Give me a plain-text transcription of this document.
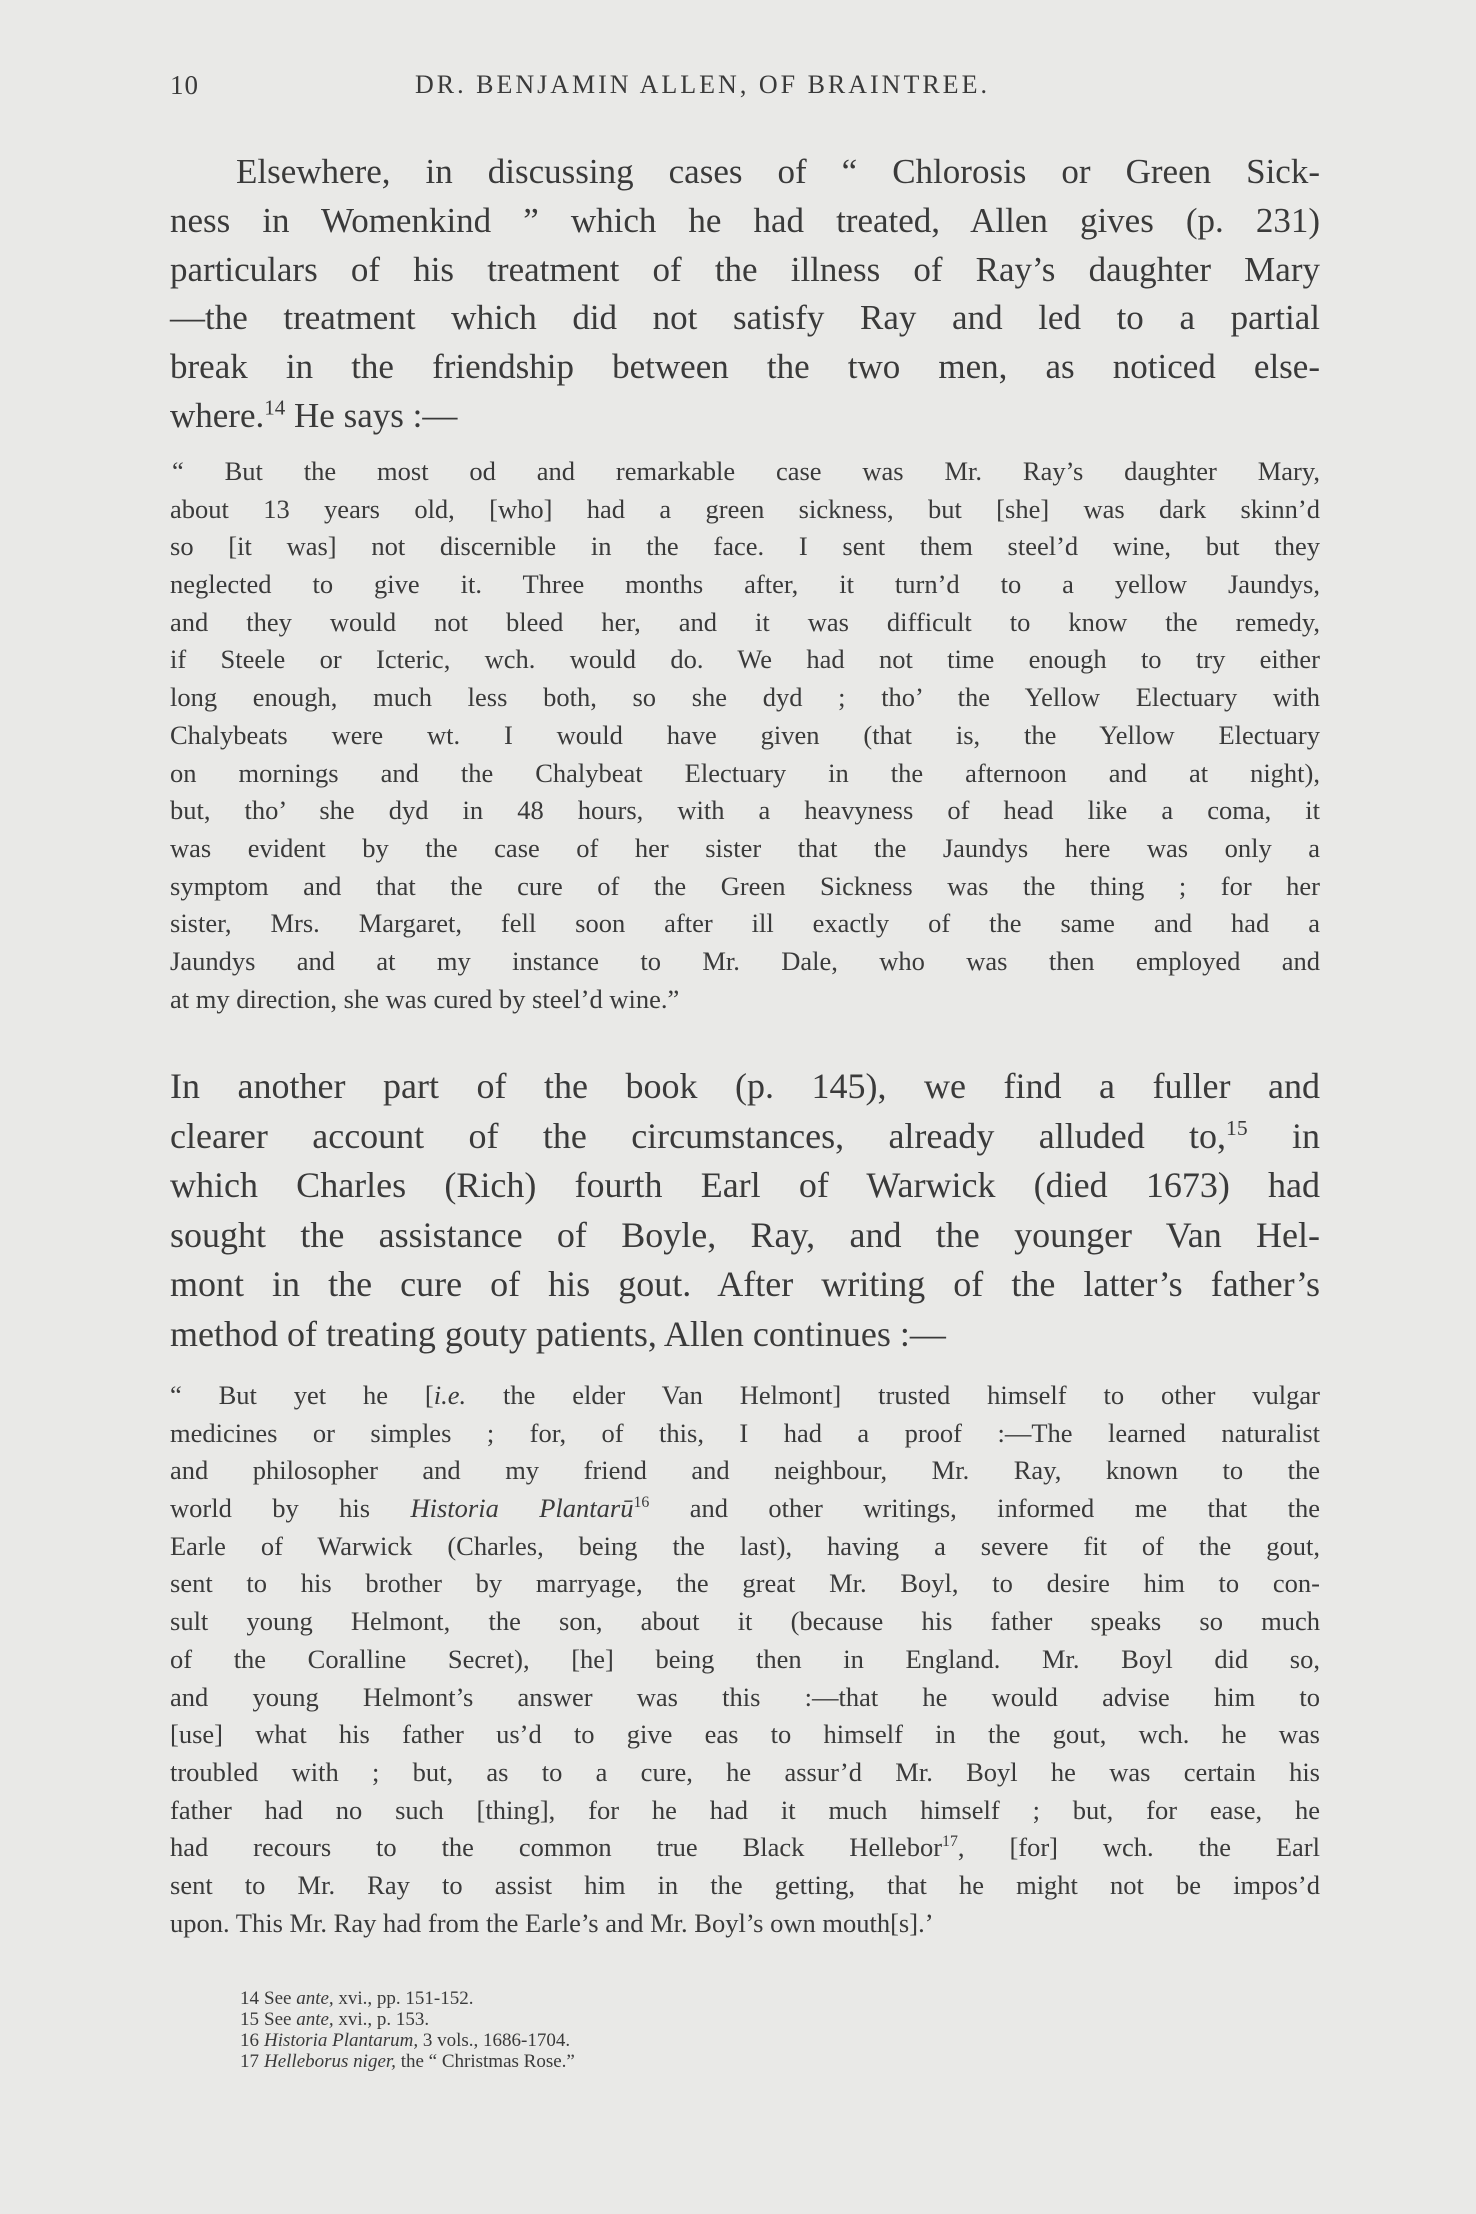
10	DR. BENJAMIN ALLEN, OF BRAINTREE.
Elsewhere, in discussing cases of “ Chlorosis or Green Sick-
ness in Womenkind ” which he had treated, Allen gives (p. 231)
particulars of his treatment of the illness of Ray’s daughter Mary
—the treatment which did not satisfy Ray and led to a partial
break in the friendship between the two men, as noticed else-
where.$^{14}$ He says :—
“ But the most od and remarkable case was Mr. Ray’s daughter Mary,
about 13 years old, [who] had a green sickness, but [she] was dark skinn’d
so [it was] not discernible in the face. I sent them steel’d wine, but they
neglected to give it. Three months after, it turn’d to a yellow Jaundys,
and they would not bleed her, and it was difficult to know the remedy,
if Steele or Icteric, wch. would do. We had not time enough to try either
long enough, much less both, so she dyd ; tho’ the Yellow Electuary with
Chalybeats were wt. I would have given (that is, the Yellow Electuary
on mornings and the Chalybeat Electuary in the afternoon and at night),
but, tho’ she dyd in 48 hours, with a heavyness of head like a coma, it
was evident by the case of her sister that the Jaundys here was only a
symptom and that the cure of the Green Sickness was the thing ; for her
sister, Mrs. Margaret, fell soon after ill exactly of the same and had a
Jaundys and at my instance to Mr. Dale, who was then employed and
at my direction, she was cured by steel’d wine.”
In another part of the book (p. 145), we find a fuller and
clearer account of the circumstances, already alluded to,$^{15}$ in
which Charles (Rich) fourth Earl of Warwick (died 1673) had
sought the assistance of Boyle, Ray, and the younger Van Hel-
mont in the cure of his gout. After writing of the latter’s father’s
method of treating gouty patients, Allen continues :—
“ But yet he [i.e. the elder Van Helmont] trusted himself to other vulgar
medicines or simples ; for, of this, I had a proof :—The learned naturalist
and philosopher and my friend and neighbour, Mr. Ray, known to the
world by his Historia Plantarū$^{16}$ and other writings, informed me that the
Earle of Warwick (Charles, being the last), having a severe fit of the gout,
sent to his brother by marryage, the great Mr. Boyl, to desire him to con-
sult young Helmont, the son, about it (because his father speaks so much
of the Coralline Secret), [he] being then in England. Mr. Boyl did so,
and young Helmont’s answer was this :—that he would advise him to
[use] what his father us’d to give eas to himself in the gout, wch. he was
troubled with ; but, as to a cure, he assur’d Mr. Boyl he was certain his
father had no such [thing], for he had it much himself ; but, for ease, he
had recours to the common true Black Hellebor$^{17}$, [for] wch. the Earl
sent to Mr. Ray to assist him in the getting, that he might not be impos’d
upon. This Mr. Ray had from the Earle’s and Mr. Boyl’s own mouth[s].’
14 See ante, xvi., pp. 151-152.
15 See ante, xvi., p. 153.
16 Historia Plantarum, 3 vols., 1686-1704.
17 Helleborus niger, the “ Christmas Rose.”
